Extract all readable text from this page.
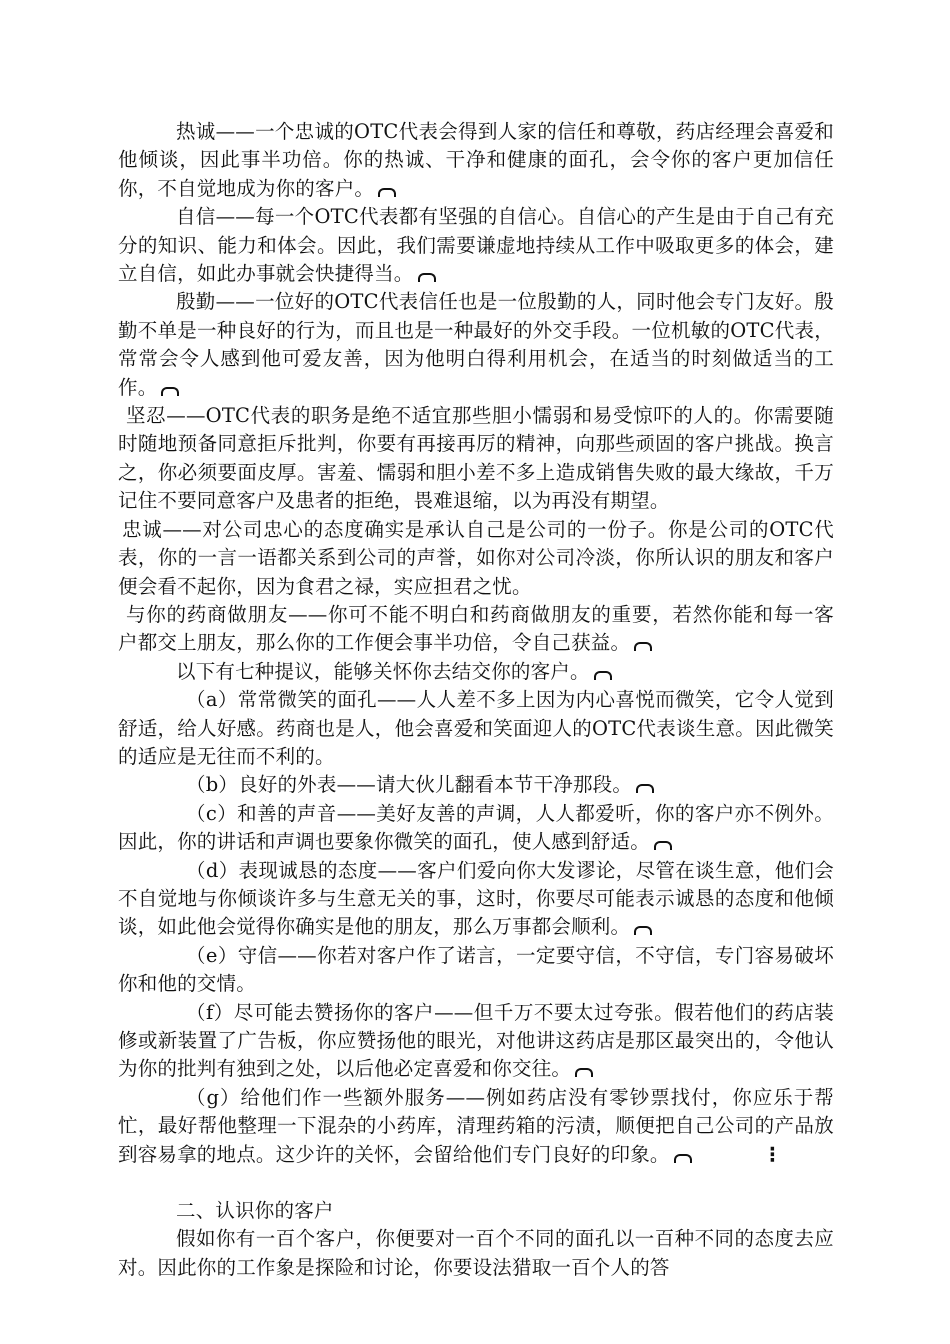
热诚——一个忠诚的OTC代表会得到人家的信任和尊敬，药店经理会喜爱和他倾谈，因此事半功倍。你的热诚、干净和健康的面孔，会令你的客户更加信任你，不自觉地成为你的客户。

自信——每一个OTC代表都有坚强的自信心。自信心的产生是由于自己有充分的知识、能力和体会。因此，我们需要谦虚地持续从工作中吸取更多的体会，建立自信，如此办事就会快捷得当。

殷勤——一位好的OTC代表信任也是一位殷勤的人，同时他会专门友好。殷勤不单是一种良好的行为，而且也是一种最好的外交手段。一位机敏的OTC代表，常常会令人感到他可爱友善，因为他明白得利用机会，在适当的时刻做适当的工作。

坚忍——OTC代表的职务是绝不适宜那些胆小懦弱和易受惊吓的人的。你需要随时随地预备同意拒斥批判，你要有再接再厉的精神，向那些顽固的客户挑战。换言之，你必须要面皮厚。害羞、懦弱和胆小差不多上造成销售失败的最大缘故，千万记住不要同意客户及患者的拒绝，畏难退缩，以为再没有期望。

忠诚——对公司忠心的态度确实是承认自己是公司的一份子。你是公司的OTC代表，你的一言一语都关系到公司的声誉，如你对公司冷淡，你所认识的朋友和客户便会看不起你，因为食君之禄，实应担君之忧。

与你的药商做朋友——你可不能不明白和药商做朋友的重要，若然你能和每一客户都交上朋友，那么你的工作便会事半功倍，令自己获益。

以下有七种提议，能够关怀你去结交你的客户。

（a）常常微笑的面孔——人人差不多上因为内心喜悦而微笑，它令人觉到舒适，给人好感。药商也是人，他会喜爱和笑面迎人的OTC代表谈生意。因此微笑的适应是无往而不利的。

（b）良好的外表——请大伙儿翻看本节干净那段。

（c）和善的声音——美好友善的声调，人人都爱听，你的客户亦不例外。因此，你的讲话和声调也要象你微笑的面孔，使人感到舒适。

（d）表现诚恳的态度——客户们爱向你大发谬论，尽管在谈生意，他们会不自觉地与你倾谈许多与生意无关的事，这时，你要尽可能表示诚恳的态度和他倾谈，如此他会觉得你确实是他的朋友，那么万事都会顺利。

（e）守信——你若对客户作了诺言，一定要守信，不守信，专门容易破坏你和他的交情。

（f）尽可能去赞扬你的客户——但千万不要太过夸张。假若他们的药店装修或新装置了广告板，你应赞扬他的眼光，对他讲这药店是那区最突出的，令他认为你的批判有独到之处，以后他必定喜爱和你交往。

（g）给他们作一些额外服务——例如药店没有零钞票找付，你应乐于帮忙，最好帮他整理一下混杂的小药库，清理药箱的污渍，顺便把自己公司的产品放到容易拿的地点。这少许的关怀，会留给他们专门良好的印象。	⋮

二、认识你的客户

假如你有一百个客户，你便要对一百个不同的面孔以一百种不同的态度去应对。因此你的工作象是探险和讨论，你要设法猎取一百个人的答
